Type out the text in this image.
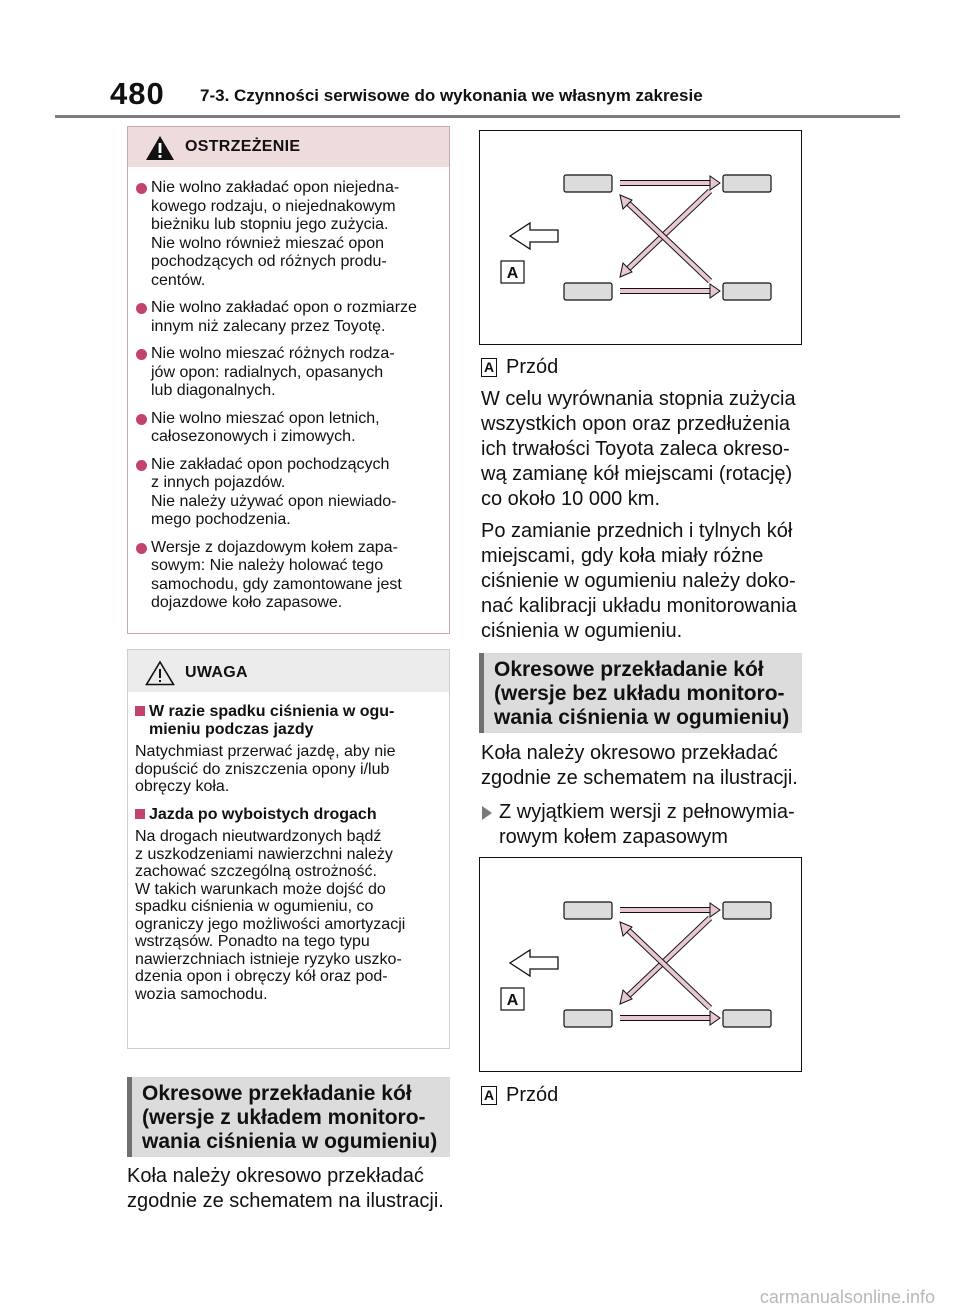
480 7-3. Czynności serwisowe do wykonania we własnym zakresie
OSTRZEŻENIE
Nie wolno zakładać opon niejedna-
kowego rodzaju, o niejednakowym
bieżniku lub stopniu jego zużycia.
Nie wolno również mieszać opon
pochodzących od różnych produ-
centów.
Nie wolno zakładać opon o rozmiarze
innym niż zalecany przez Toyotę.
Nie wolno mieszać różnych rodza-
jów opon: radialnych, opasanych
lub diagonalnych.
Nie wolno mieszać opon letnich,
całosezonowych i zimowych.
Nie zakładać opon pochodzących
z innych pojazdów.
Nie należy używać opon niewiado-
mego pochodzenia.
Wersje z dojazdowym kołem zapa-
sowym: Nie należy holować tego
samochodu, gdy zamontowane jest
dojazdowe koło zapasowe.
UWAGA
W razie spadku ciśnienia w ogu-
mieniu podczas jazdy
Natychmiast przerwać jazdę, aby nie
dopuścić do zniszczenia opony i/lub
obręczy koła.
Jazda po wyboistych drogach
Na drogach nieutwardzonych bądź
z uszkodzeniami nawierzchni należy
zachować szczególną ostrożność.
W takich warunkach może dojść do
spadku ciśnienia w ogumieniu, co
ograniczy jego możliwości amortyzacji
wstrząsów. Ponadto na tego typu
nawierzchniach istnieje ryzyko uszko-
dzenia opon i obręczy kół oraz pod-
wozia samochodu.
Okresowe przekładanie kół
(wersje z układem monitoro-
wania ciśnienia w ogumieniu)
Koła należy okresowo przekładać
zgodnie ze schematem na ilustracji.
A
A Przód

W celu wyrównania stopnia zużycia
wszystkich opon oraz przedłużenia
ich trwałości Toyota zaleca okreso-
wą zamianę kół miejscami (rotację)
co około 10 000 km.

Po zamianie przednich i tylnych kół
miejscami, gdy koła miały różne
ciśnienie w ogumieniu należy doko-
nać kalibracji układu monitorowania
ciśnienia w ogumieniu.

Okresowe przekładanie kół
(wersje bez układu monitoro-
wania ciśnienia w ogumieniu)

Koła należy okresowo przekładać
zgodnie ze schematem na ilustracji.

Z wyjątkiem wersji z pełnowymia-
rowym kołem zapasowym
A
A Przód
carmanualsonline.info
